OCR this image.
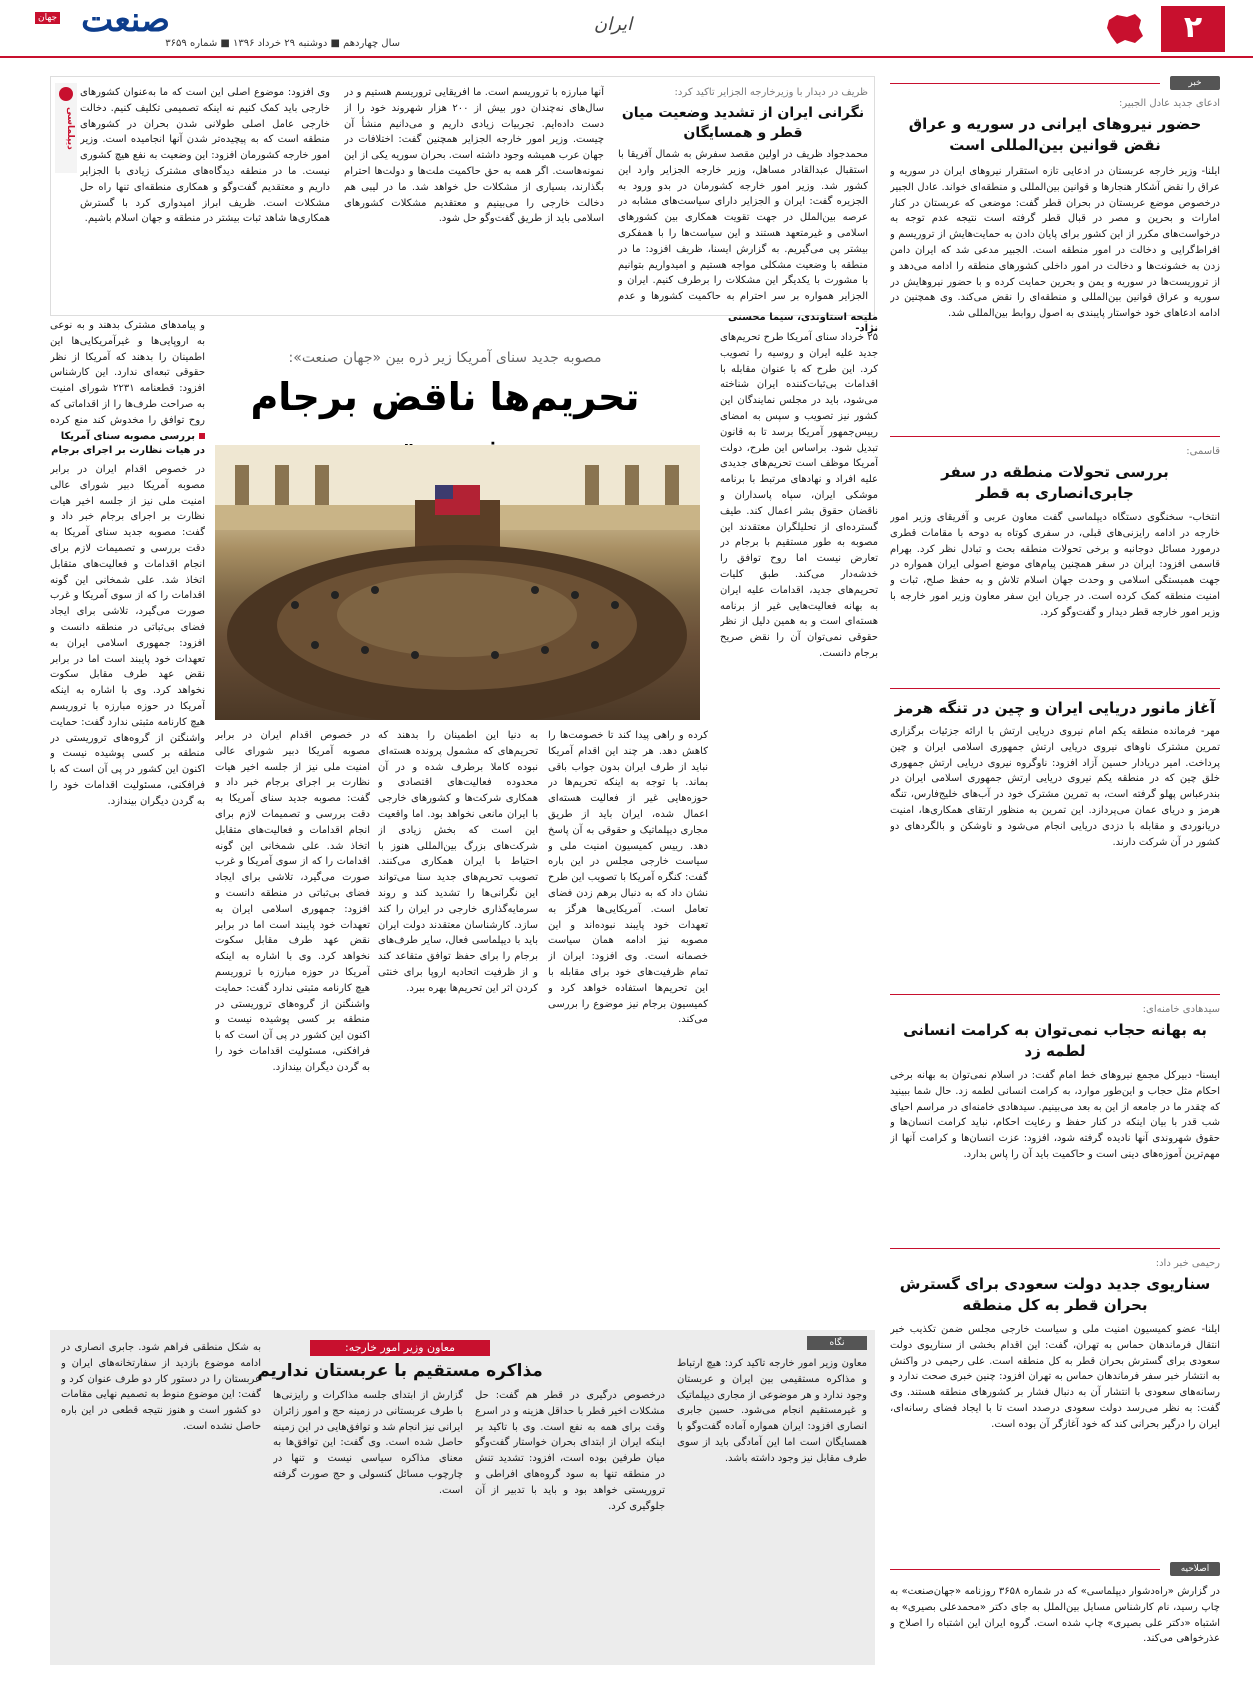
۲
ایران
سال چهاردهم ■ دوشنبه ۲۹ خرداد ۱۳۹۶ ■ شماره ۳۶۵۹
صنعت
جهان
خبر
ادعای جدید عادل الجبیر:
حضور نیروهای ایرانی در سوریه و عراق نقض قوانین بین‌المللی است
ایلنا- وزیر خارجه عربستان در ادعایی تازه استقرار نیروهای ایران در سوریه و عراق را نقض آشکار هنجارها و قوانین بین‌المللی و منطقه‌ای خواند. عادل الجبیر درخصوص موضع عربستان در بحران قطر گفت: موضعی که عربستان در کنار امارات و بحرین و مصر در قبال قطر گرفته است نتیجه عدم توجه به درخواست‌های مکرر از این کشور برای پایان دادن به حمایت‌هایش از تروریسم و افراط‌گرایی و دخالت در امور منطقه است. الجبیر مدعی شد که ایران دامن زدن به خشونت‌ها و دخالت در امور داخلی کشورهای منطقه را ادامه می‌دهد و از تروریست‌ها در سوریه و یمن و بحرین حمایت کرده و با حضور نیروهایش در سوریه و عراق قوانین بین‌المللی و منطقه‌ای را نقض می‌کند. وی همچنین در ادامه ادعاهای خود خواستار پایبندی به اصول روابط بین‌المللی شد.
قاسمی:
بررسی تحولات منطقه در سفر جابری‌انصاری به قطر
انتخاب- سخنگوی دستگاه دیپلماسی گفت معاون عربی و آفریقای وزیر امور خارجه در ادامه رایزنی‌های قبلی، در سفری کوتاه به دوحه با مقامات قطری درمورد مسائل دوجانبه و برخی تحولات منطقه بحث و تبادل نظر کرد. بهرام قاسمی افزود: ایران در سفر همچنین پیام‌های موضع اصولی ایران همواره در جهت همبستگی اسلامی و وحدت جهان اسلام تلاش و به حفظ صلح، ثبات و امنیت منطقه کمک کرده است. در جریان این سفر معاون وزیر امور خارجه با وزیر امور خارجه قطر دیدار و گفت‌وگو کرد.
آغاز مانور دریایی ایران و چین در تنگه هرمز
مهر- فرمانده منطقه یکم امام نیروی دریایی ارتش با ارائه جزئیات برگزاری تمرین مشترک ناوهای نیروی دریایی ارتش جمهوری اسلامی ایران و چین پرداخت. امیر دریادار حسین آزاد افزود: ناوگروه نیروی دریایی ارتش جمهوری خلق چین که در منطقه یکم نیروی دریایی ارتش جمهوری اسلامی ایران در بندرعباس پهلو گرفته است، به تمرین مشترک خود در آب‌های خلیج‌فارس، تنگه هرمز و دریای عمان می‌پردازد. این تمرین به منظور ارتقای همکاری‌ها، امنیت دریانوردی و مقابله با دزدی دریایی انجام می‌شود و ناوشکن و بالگردهای دو کشور در آن شرکت دارند.
سیدهادی خامنه‌ای:
به بهانه حجاب نمی‌توان به کرامت انسانی لطمه زد
ایسنا- دبیرکل مجمع نیروهای خط امام گفت: در اسلام نمی‌توان به بهانه برخی احکام مثل حجاب و این‌طور موارد، به کرامت انسانی لطمه زد. حال شما ببینید که چقدر ما در جامعه از این به بعد می‌بینیم. سیدهادی خامنه‌ای در مراسم احیای شب قدر با بیان اینکه در کنار حفظ و رعایت احکام، نباید کرامت انسان‌ها و حقوق شهروندی آنها نادیده گرفته شود، افزود: عزت انسان‌ها و کرامت آنها از مهم‌ترین آموزه‌های دینی است و حاکمیت باید آن را پاس بدارد.
رحیمی خبر داد:
سناریوی جدید دولت سعودی برای گسترش بحران قطر به کل منطقه
ایلنا- عضو کمیسیون امنیت ملی و سیاست خارجی مجلس ضمن تکذیب خبر انتقال فرماندهان حماس به تهران، گفت: این اقدام بخشی از سناریوی دولت سعودی برای گسترش بحران قطر به کل منطقه است. علی رحیمی در واکنش به انتشار خبر سفر فرماندهان حماس به تهران افزود: چنین خبری صحت ندارد و رسانه‌های سعودی با انتشار آن به دنبال فشار بر کشورهای منطقه هستند. وی گفت: به نظر می‌رسد دولت سعودی درصدد است تا با ایجاد فضای رسانه‌ای، ایران را درگیر بحرانی کند که خود آغازگر آن بوده است.
اصلاحیه
در گزارش «راه‌دشوار دیپلماسی» که در شماره ۳۶۵۸ روزنامه «جهان‌صنعت» به چاپ رسید، نام کارشناس مسایل بین‌الملل به جای دکتر «محمدعلی بصیری» به اشتباه «دکتر علی بصیری» چاپ شده است. گروه ایران این اشتباه را اصلاح و عذرخواهی می‌کند.
دیپلماسی
ظریف در دیدار با وزیرخارجه الجزایر تاکید کرد:
نگرانی ایران از تشدید وضعیت میان قطر و همسایگان
محمدجواد ظریف در اولین مقصد سفرش به شمال آفریقا با استقبال عبدالقادر مساهل، وزیر خارجه الجزایر وارد این کشور شد. وزیر امور خارجه کشورمان در بدو ورود به الجزیره گفت: ایران و الجزایر دارای سیاست‌های مشابه در عرصه بین‌الملل در جهت تقویت همکاری بین کشورهای اسلامی و غیرمتعهد هستند و این سیاست‌ها را با همفکری بیشتر پی می‌گیریم. به گزارش ایسنا، ظریف افزود: ما در منطقه با وضعیت مشکلی مواجه هستیم و امیدواریم بتوانیم با مشورت با یکدیگر این مشکلات را برطرف کنیم. ایران و الجزایر همواره بر سر احترام به حاکمیت کشورها و عدم
آنها مبارزه با تروریسم است. ما افریقایی تروریسم هستیم و در سال‌های نه‌چندان دور بیش از ۲۰۰ هزار شهروند خود را از دست داده‌ایم. تجربیات زیادی داریم و می‌دانیم منشأ آن چیست. وزیر امور خارجه الجزایر همچنین گفت: اختلافات در جهان عرب همیشه وجود داشته است. بحران سوریه یکی از این نمونه‌هاست. اگر همه به حق حاکمیت ملت‌ها و دولت‌ها احترام بگذارند، بسیاری از مشکلات حل خواهد شد. ما در لیبی هم دخالت خارجی را می‌بینیم و معتقدیم مشکلات کشورهای اسلامی باید از طریق گفت‌وگو حل شود.
وی افزود: موضوع اصلی این است که ما به‌عنوان کشورهای خارجی باید کمک کنیم نه اینکه تصمیمی تکلیف کنیم. دخالت خارجی عامل اصلی طولانی شدن بحران در کشورهای منطقه است که به پیچیده‌تر شدن آنها انجامیده است. وزیر امور خارجه کشورمان افزود: این وضعیت به نفع هیچ کشوری نیست. ما در منطقه دیدگاه‌های مشترک زیادی با الجزایر داریم و معتقدیم گفت‌وگو و همکاری منطقه‌ای تنها راه حل مشکلات است. ظریف ابراز امیدواری کرد با گسترش همکاری‌ها شاهد ثبات بیشتر در منطقه و جهان اسلام باشیم.
مصوبه جدید سنای آمریکا زیر ذره بین «جهان صنعت»:
تحریم‌ها ناقض برجام
ملیحه استاوندی، سیما محسنی نژاد-
۲۵ خرداد سنای آمریکا طرح تحریم‌های جدید علیه ایران و روسیه را تصویب کرد. این طرح که با عنوان مقابله با اقدامات بی‌ثبات‌کننده ایران شناخته می‌شود، باید در مجلس نمایندگان این کشور نیز تصویب و سپس به امضای رییس‌جمهور آمریکا برسد تا به قانون تبدیل شود. براساس این طرح، دولت آمریکا موظف است تحریم‌های جدیدی علیه افراد و نهادهای مرتبط با برنامه موشکی ایران، سپاه پاسداران و ناقضان حقوق بشر اعمال کند. طیف گسترده‌ای از تحلیلگران معتقدند این مصوبه به طور مستقیم با برجام در تعارض نیست اما روح توافق را خدشه‌دار می‌کند. طبق کلیات تحریم‌های جدید، اقدامات علیه ایران به بهانه فعالیت‌هایی غیر از برنامه هسته‌ای است و به همین دلیل از نظر حقوقی نمی‌توان آن را نقض صریح برجام دانست.
کرده و راهی پیدا کند تا خصومت‌ها را کاهش دهد. هر چند این اقدام آمریکا نباید از طرف ایران بدون جواب باقی بماند. با توجه به اینکه تحریم‌ها در حوزه‌هایی غیر از فعالیت هسته‌ای اعمال شده، ایران باید از طریق مجاری دیپلماتیک و حقوقی به آن پاسخ دهد. رییس کمیسیون امنیت ملی و سیاست خارجی مجلس در این باره گفت: کنگره آمریکا با تصویب این طرح نشان داد که به دنبال برهم زدن فضای تعامل است. آمریکایی‌ها هرگز به تعهدات خود پایبند نبوده‌اند و این مصوبه نیز ادامه همان سیاست خصمانه است. وی افزود: ایران از تمام ظرفیت‌های خود برای مقابله با این تحریم‌ها استفاده خواهد کرد و کمیسیون برجام نیز موضوع را بررسی می‌کند.
به دنیا این اطمینان را بدهند که تحریم‌های که مشمول پرونده هسته‌ای نبوده کاملا برطرف شده و در آن محدوده فعالیت‌های اقتصادی و همکاری شرکت‌ها و کشورهای خارجی با ایران مانعی نخواهد بود. اما واقعیت این است که بخش زیادی از شرکت‌های بزرگ بین‌المللی هنوز با احتیاط با ایران همکاری می‌کنند. تصویب تحریم‌های جدید سنا می‌تواند این نگرانی‌ها را تشدید کند و روند سرمایه‌گذاری خارجی در ایران را کند سازد. کارشناسان معتقدند دولت ایران باید با دیپلماسی فعال، سایر طرف‌های برجام را برای حفظ توافق متقاعد کند و از ظرفیت اتحادیه اروپا برای خنثی کردن اثر این تحریم‌ها بهره ببرد.
و پیامدهای مشترک بدهند و به نوعی به اروپایی‌ها و غیرآمریکایی‌ها این اطمینان را بدهند که آمریکا از نظر حقوقی تبعه‌ای ندارد. این کارشناس افزود: قطعنامه ۲۲۳۱ شورای امنیت به صراحت طرف‌ها را از اقداماتی که روح توافق را مخدوش کند منع کرده
بررسی مصوبه سنای آمریکا در هیات نظارت بر اجرای برجام
در خصوص اقدام ایران در برابر مصوبه آمریکا دبیر شورای عالی امنیت ملی نیز از جلسه اخیر هیات نظارت بر اجرای برجام خبر داد و گفت: مصوبه جدید سنای آمریکا به دقت بررسی و تصمیمات لازم برای انجام اقدامات و فعالیت‌های متقابل اتخاذ شد. علی شمخانی این گونه اقدامات را که از سوی آمریکا و غرب صورت می‌گیرد، تلاشی برای ایجاد فضای بی‌ثباتی در منطقه دانست و افزود: جمهوری اسلامی ایران به تعهدات خود پایبند است اما در برابر نقض عهد طرف مقابل سکوت نخواهد کرد. وی با اشاره به اینکه آمریکا در حوزه مبارزه با تروریسم هیچ کارنامه مثبتی ندارد گفت: حمایت واشنگتن از گروه‌های تروریستی در منطقه بر کسی پوشیده نیست و اکنون این کشور در پی آن است که با فرافکنی، مسئولیت اقدامات خود را به گردن دیگران بیندازد.
در خصوص اقدام ایران در برابر مصوبه آمریکا دبیر شورای عالی امنیت ملی نیز از جلسه اخیر هیات نظارت بر اجرای برجام خبر داد و گفت: مصوبه جدید سنای آمریکا به دقت بررسی و تصمیمات لازم برای انجام اقدامات و فعالیت‌های متقابل اتخاذ شد. علی شمخانی این گونه اقدامات را که از سوی آمریکا و غرب صورت می‌گیرد، تلاشی برای ایجاد فضای بی‌ثباتی در منطقه دانست و افزود: جمهوری اسلامی ایران به تعهدات خود پایبند است اما در برابر نقض عهد طرف مقابل سکوت نخواهد کرد. وی با اشاره به اینکه آمریکا در حوزه مبارزه با تروریسم هیچ کارنامه مثبتی ندارد گفت: حمایت واشنگتن از گروه‌های تروریستی در منطقه بر کسی پوشیده نیست و اکنون این کشور در پی آن است که با فرافکنی، مسئولیت اقدامات خود را به گردن دیگران بیندازد.
نگاه
معاون وزیر امور خارجه:
مذاکره مستقیم با عربستان نداریم	معاون وزیر امور خارجه تاکید کرد: هیچ ارتباط و مذاکره مستقیمی بین ایران و عربستان وجود ندارد و هر موضوعی از مجاری دیپلماتیک و غیرمستقیم انجام می‌شود. حسین جابری انصاری افزود: ایران همواره آماده گفت‌وگو با همسایگان است اما این آمادگی باید از سوی طرف مقابل نیز وجود داشته باشد.
درخصوص درگیری در قطر هم گفت: حل مشکلات اخیر قطر با حداقل هزینه و در اسرع وقت برای همه به نفع است. وی با تاکید بر اینکه ایران از ابتدای بحران خواستار گفت‌وگو میان طرفین بوده است، افزود: تشدید تنش در منطقه تنها به سود گروه‌های افراطی و تروریستی خواهد بود و باید با تدبیر از آن جلوگیری کرد.
گزارش از ابتدای جلسه مذاکرات و رایزنی‌ها با طرف عربستانی در زمینه حج و امور زائران ایرانی نیز انجام شد و توافق‌هایی در این زمینه حاصل شده است. وی گفت: این توافق‌ها به معنای مذاکره سیاسی نیست و تنها در چارچوب مسائل کنسولی و حج صورت گرفته است.
به شکل منطقی فراهم شود. جابری انصاری در ادامه موضوع بازدید از سفارتخانه‌های ایران و عربستان را در دستور کار دو طرف عنوان کرد و گفت: این موضوع منوط به تصمیم نهایی مقامات دو کشور است و هنوز نتیجه قطعی در این باره حاصل نشده است.
